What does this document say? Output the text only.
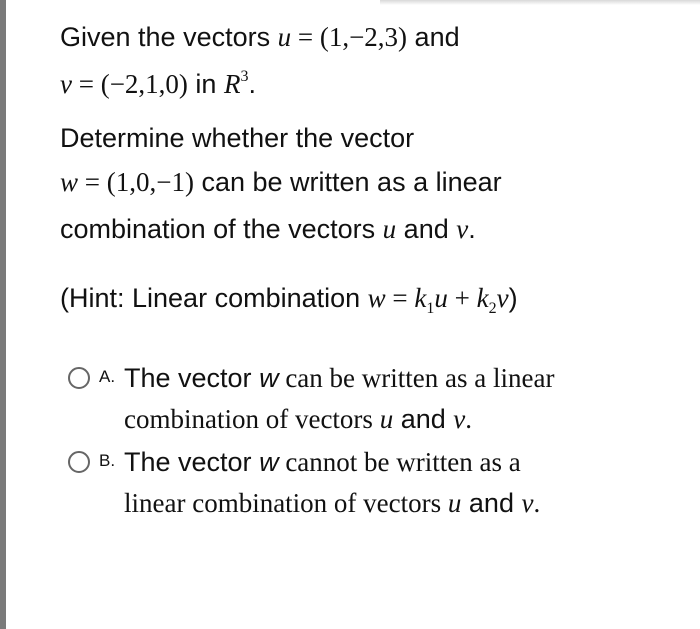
Given the vectors u = (1,−2,3) and
v = (−2,1,0) in $R^3$.
Determine whether the vector
w = (1,0,−1) can be written as a linear
combination of the vectors u and v.
(Hint: Linear combination $w = k_1u + k_2v$)
A. The vector w can be written as a linear
combination of vectors u and v.
B. The vector w cannot be written as a
linear combination of vectors u and v.
